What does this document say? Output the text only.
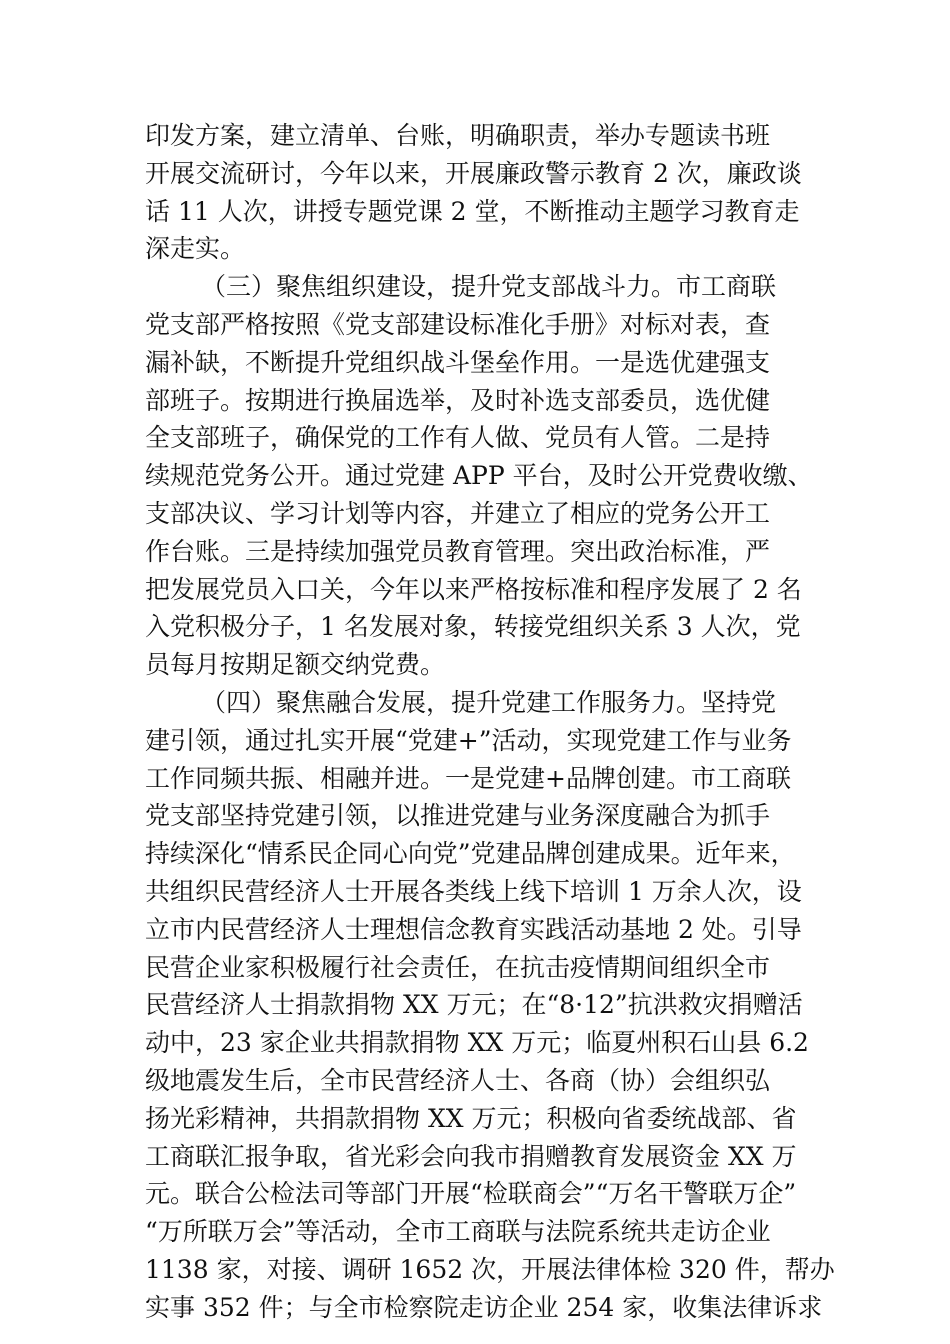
印发方案，建立清单、台账，明确职责，举办专题读书班
开展交流研讨，今年以来，开展廉政警示教育 2 次，廉政谈
话 11 人次，讲授专题党课 2 堂，不断推动主题学习教育走
深走实。
（三）聚焦组织建设，提升党支部战斗力。市工商联
党支部严格按照《党支部建设标准化手册》对标对表，查
漏补缺，不断提升党组织战斗堡垒作用。一是选优建强支
部班子。按期进行换届选举，及时补选支部委员，选优健
全支部班子，确保党的工作有人做、党员有人管。二是持
续规范党务公开。通过党建 APP 平台，及时公开党费收缴、
支部决议、学习计划等内容，并建立了相应的党务公开工
作台账。三是持续加强党员教育管理。突出政治标准，严
把发展党员入口关，今年以来严格按标准和程序发展了 2 名
入党积极分子，1 名发展对象，转接党组织关系 3 人次，党
员每月按期足额交纳党费。
（四）聚焦融合发展，提升党建工作服务力。坚持党
建引领，通过扎实开展“党建+”活动，实现党建工作与业务
工作同频共振、相融并进。一是党建+品牌创建。市工商联
党支部坚持党建引领，以推进党建与业务深度融合为抓手
持续深化“情系民企同心向党”党建品牌创建成果。近年来，
共组织民营经济人士开展各类线上线下培训 1 万余人次，设
立市内民营经济人士理想信念教育实践活动基地 2 处。引导
民营企业家积极履行社会责任，在抗击疫情期间组织全市
民营经济人士捐款捐物 XX 万元；在“8·12”抗洪救灾捐赠活
动中，23 家企业共捐款捐物 XX 万元；临夏州积石山县 6.2
级地震发生后，全市民营经济人士、各商（协）会组织弘
扬光彩精神，共捐款捐物 XX 万元；积极向省委统战部、省
工商联汇报争取，省光彩会向我市捐赠教育发展资金 XX 万
元。联合公检法司等部门开展“检联商会”“万名干警联万企”
“万所联万会”等活动，全市工商联与法院系统共走访企业
1138 家，对接、调研 1652 次，开展法律体检 320 件，帮办
实事 352 件；与全市检察院走访企业 254 家，收集法律诉求
